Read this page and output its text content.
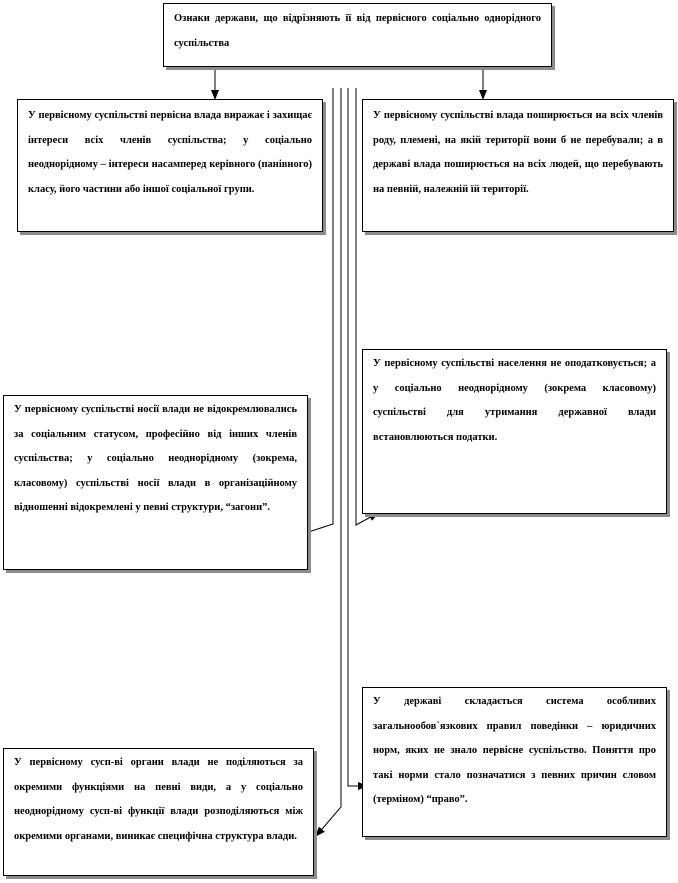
Ознаки держави, що відрізняють її від первісного соціально однорідного суспільства
У первісному суспільстві первісна влада виражає і захищає інтереси всіх членів суспільства; у соціально неоднорідному – інтереси насамперед керівного (панівного) класу, його частини або іншої соціальної групи.
У первісному суспільстві влада поширюється на всіх членів роду, племені, на якій території вони б не перебували; а в державі влада поширюється на всіх людей, що перебувають на певній, належній їй території.
У первісному суспільстві населення не оподатковується; а у соціально неоднорідному (зокрема класовому) суспільстві для утримання державної влади встановлюються податки.
У первісному суспільстві носії влади не відокремлювались за соціальним статусом, професійно від інших членів суспільства; у соціально неоднорідному (зокрема, класовому) суспільстві носії влади в організаційному відношенні відокремлені у певні структури, “загони”.
У державі складається система особливих загальнообов`язкових правил поведінки – юридичних норм, яких не знало первісне суспільство. Поняття про такі норми стало позначатися з певних причин словом (терміном) “право”.
У первісному сусп-ві органи влади не поділяються за окремими функціями на певні види, а у соціально неоднорідному сусп-ві функції влади розподіляються між окремими органами, виникає специфічна структура влади.
